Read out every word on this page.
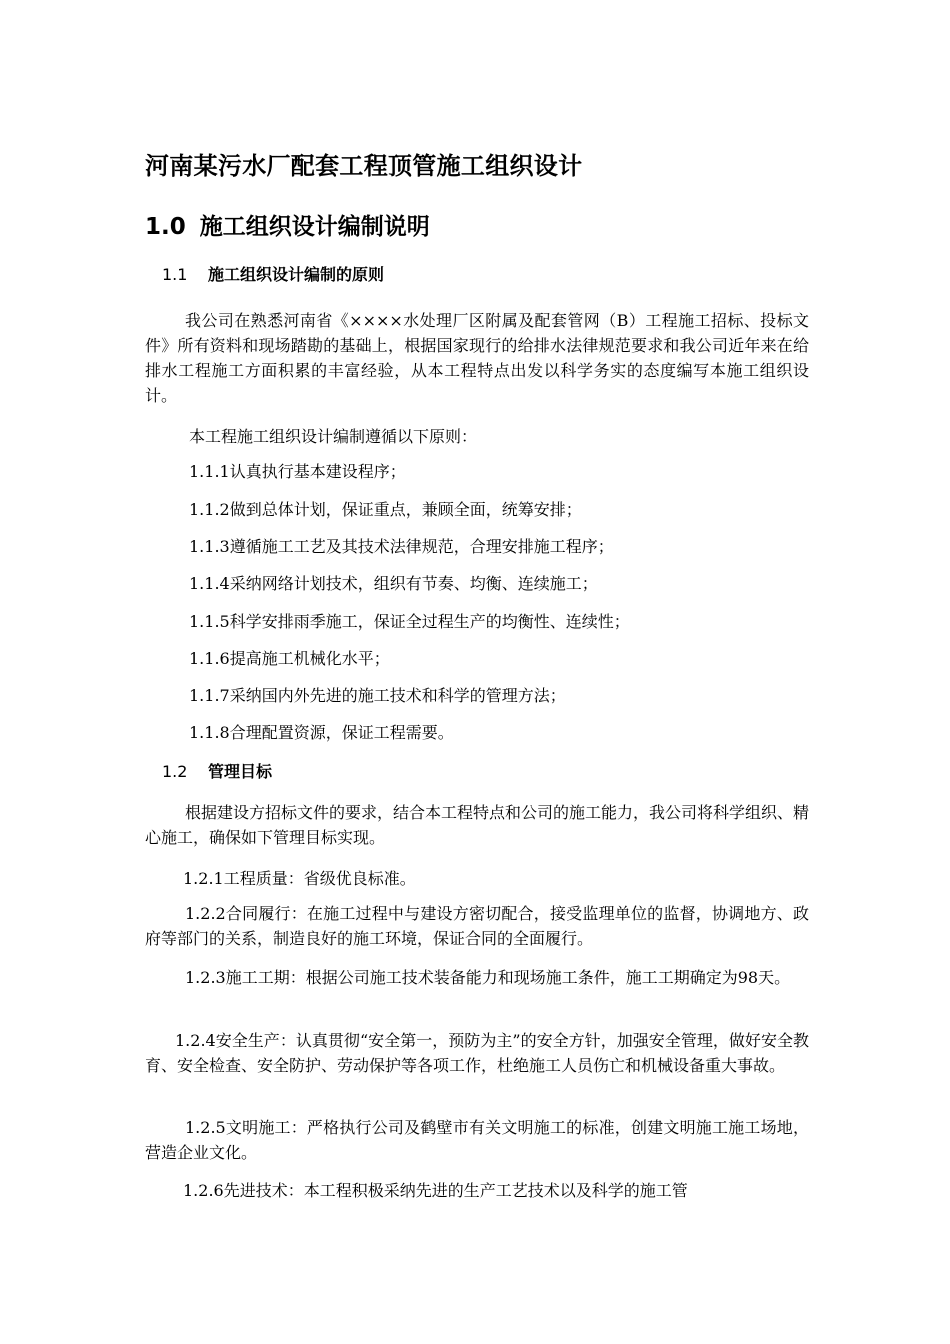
河南某污水厂配套工程顶管施工组织设计
1.0 施工组织设计编制说明
1.1 施工组织设计编制的原则
我公司在熟悉河南省《××××水处理厂区附属及配套管网（B）工程施工招标、投标文件》所有资料和现场踏勘的基础上，根据国家现行的给排水法律规范要求和我公司近年来在给排水工程施工方面积累的丰富经验，从本工程特点出发以科学务实的态度编写本施工组织设计。
本工程施工组织设计编制遵循以下原则：
1.1.1认真执行基本建设程序；
1.1.2做到总体计划，保证重点，兼顾全面，统筹安排；
1.1.3遵循施工工艺及其技术法律规范，合理安排施工程序；
1.1.4采纳网络计划技术，组织有节奏、均衡、连续施工；
1.1.5科学安排雨季施工，保证全过程生产的均衡性、连续性；
1.1.6提高施工机械化水平；
1.1.7采纳国内外先进的施工技术和科学的管理方法；
1.1.8合理配置资源，保证工程需要。
1.2 管理目标
根据建设方招标文件的要求，结合本工程特点和公司的施工能力，我公司将科学组织、精心施工，确保如下管理目标实现。
1.2.1工程质量：省级优良标准。
1.2.2合同履行：在施工过程中与建设方密切配合，接受监理单位的监督，协调地方、政府等部门的关系，制造良好的施工环境，保证合同的全面履行。
1.2.3施工工期：根据公司施工技术装备能力和现场施工条件，施工工期确定为98天。
1.2.4安全生产：认真贯彻“安全第一，预防为主”的安全方针，加强安全管理，做好安全教育、安全检查、安全防护、劳动保护等各项工作，杜绝施工人员伤亡和机械设备重大事故。
1.2.5文明施工：严格执行公司及鹤壁市有关文明施工的标准，创建文明施工施工场地，营造企业文化。
1.2.6先进技术：本工程积极采纳先进的生产工艺技术以及科学的施工管
